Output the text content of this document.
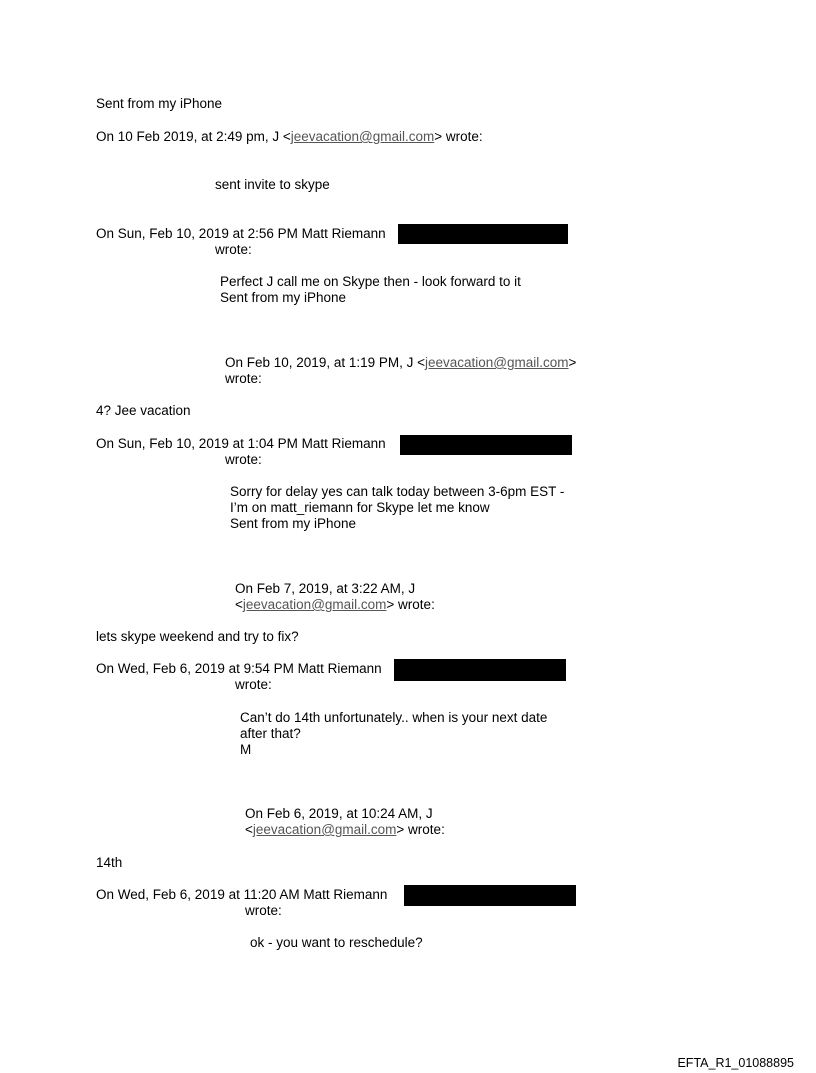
Sent from my iPhone
On 10 Feb 2019, at 2:49 pm, J <jeevacation@gmail.com> wrote:
sent invite to skype
On Sun, Feb 10, 2019 at 2:56 PM Matt Riemann
wrote:
Perfect J call me on Skype then - look forward to it
Sent from my iPhone
On Feb 10, 2019, at 1:19 PM, J <jeevacation@gmail.com>
wrote:
4? Jee vacation
On Sun, Feb 10, 2019 at 1:04 PM Matt Riemann
wrote:
Sorry for delay yes can talk today between 3-6pm EST -
I’m on matt_riemann for Skype let me know
Sent from my iPhone
On Feb 7, 2019, at 3:22 AM, J
<jeevacation@gmail.com> wrote:
lets skype weekend and try to fix?
On Wed, Feb 6, 2019 at 9:54 PM Matt Riemann
wrote:
Can’t do 14th unfortunately.. when is your next date
after that?
M
On Feb 6, 2019, at 10:24 AM, J
<jeevacation@gmail.com> wrote:
14th
On Wed, Feb 6, 2019 at 11:20 AM Matt Riemann
wrote:
ok - you want to reschedule?
EFTA_R1_01088895
